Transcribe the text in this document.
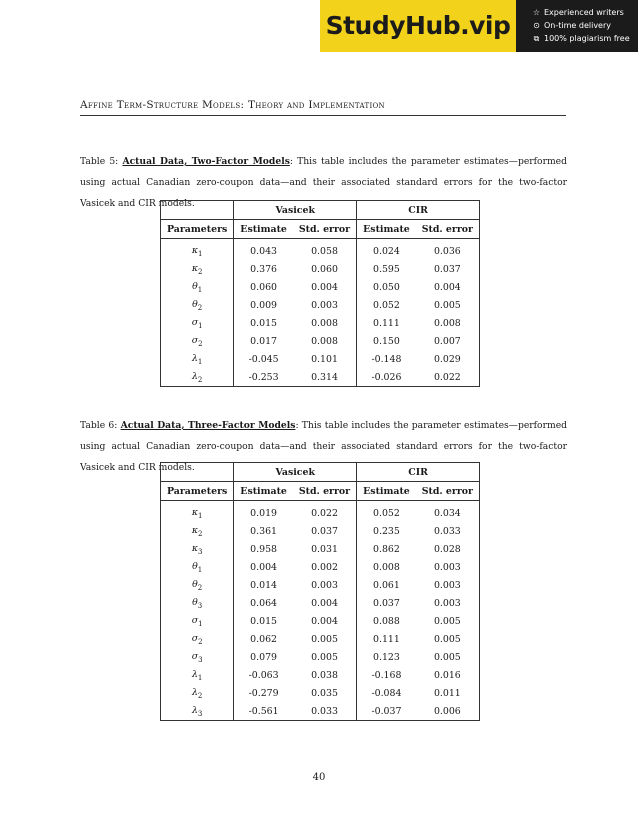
StudyHub.vip	☆ Experienced writers
⊙ On-time delivery
⧉ 100% plagiarism free
Affine Term-Structure Models: Theory and Implementation
Table 5: Actual Data, Two-Factor Models: This table includes the parameter estimates—performed using actual Canadian zero-coupon data—and their associated standard errors for the two-factor Vasicek and CIR models.
	Vasicek		CIR	
Parameters	Estimate	Std. error	Estimate	Std. error

$\kappa_1$	0.043	0.058	0.024	0.036
$\kappa_2$	0.376	0.060	0.595	0.037
$\theta_1$	0.060	0.004	0.050	0.004
$\theta_2$	0.009	0.003	0.052	0.005
$\sigma_1$	0.015	0.008	0.111	0.008
$\sigma_2$	0.017	0.008	0.150	0.007
$\lambda_1$	-0.045	0.101	-0.148	0.029
$\lambda_2$	-0.253	0.314	-0.026	0.022
Table 6: Actual Data, Three-Factor Models: This table includes the parameter estimates—performed using actual Canadian zero-coupon data—and their associated standard errors for the two-factor Vasicek and CIR models.
		Vasicek		CIR	
Parameters	Estimate	Std. error	Estimate	Std. error

$\kappa_1$	0.019	0.022	0.052	0.034
$\kappa_2$	0.361	0.037	0.235	0.033
$\kappa_3$	0.958	0.031	0.862	0.028
$\theta_1$	0.004	0.002	0.008	0.003
$\theta_2$	0.014	0.003	0.061	0.003
$\theta_3$	0.064	0.004	0.037	0.003
$\sigma_1$	0.015	0.004	0.088	0.005
$\sigma_2$	0.062	0.005	0.111	0.005
$\sigma_3$	0.079	0.005	0.123	0.005
$\lambda_1$	-0.063	0.038	-0.168	0.016
$\lambda_2$	-0.279	0.035	-0.084	0.011
$\lambda_3$	-0.561	0.033	-0.037	0.006
40
